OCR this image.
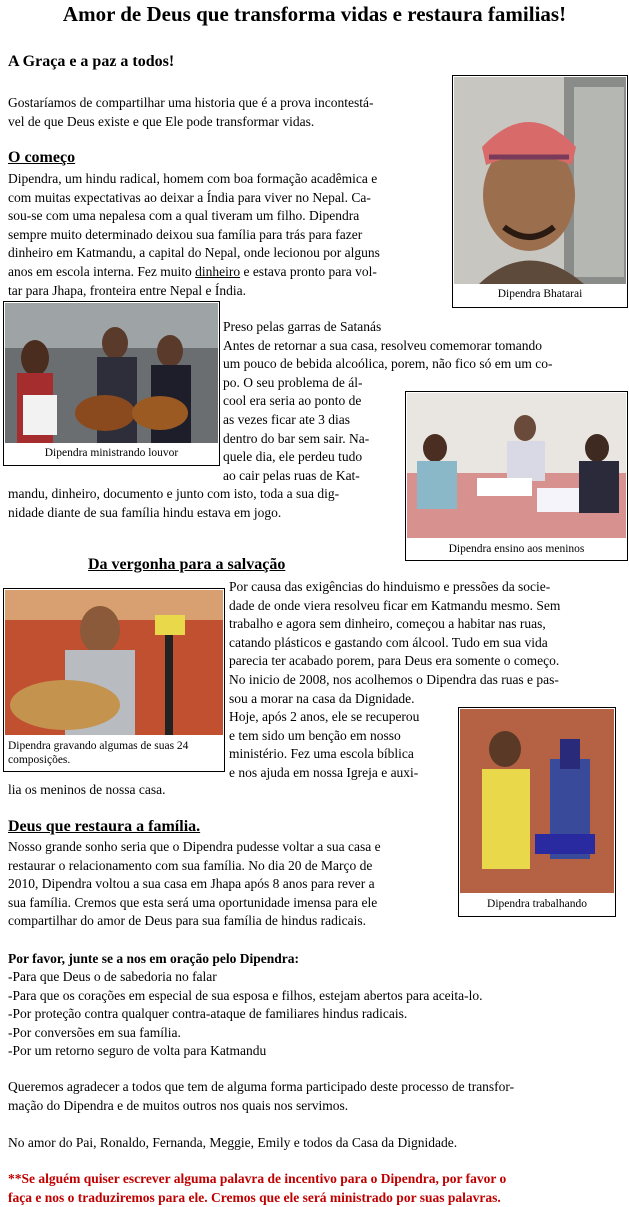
Amor de Deus que transforma vidas e restaura familias!
A Graça e a paz a todos!
Gostaríamos de compartilhar uma historia que é a prova incontestá-
vel de que Deus existe e que Ele pode transformar vidas.
Dipendra Bhatarai
O começo
Dipendra, um hindu radical, homem com boa formação acadêmica e
com muitas expectativas ao deixar a Índia para viver no Nepal. Ca-
sou-se com uma nepalesa com a qual tiveram um filho. Dipendra
sempre muito determinado deixou sua família para trás para fazer
dinheiro em Katmandu, a capital do Nepal, onde lecionou por alguns
anos em escola interna. Fez muito dinheiro e estava pronto para vol-
tar para Jhapa, fronteira entre Nepal e Índia.
Dipendra ministrando louvor
Preso pelas garras de Satanás
Antes de retornar a sua casa, resolveu comemorar tomando
um pouco de bebida alcoólica, porem, não fico só em um co-
po. O seu problema de ál-
cool era seria ao ponto de
as vezes ficar ate 3 dias
dentro do bar sem sair. Na-
quele dia, ele perdeu tudo
ao cair pelas ruas de Kat-
mandu, dinheiro, documento e junto com isto, toda a sua dig-
nidade diante de sua família hindu estava em jogo.
Dipendra ensino aos meninos
Da vergonha para a salvação
Dipendra gravando algumas de suas 24 composições.
Por causa das exigências do hinduismo e pressões da socie-
dade de onde viera resolveu ficar em Katmandu mesmo. Sem
trabalho e agora sem dinheiro, começou a habitar nas ruas,
catando plásticos e gastando com álcool. Tudo em sua vida
parecia ter acabado porem, para Deus era somente o começo.
No inicio de 2008, nos acolhemos o Dipendra das ruas e pas-
sou a morar na casa da Dignidade.
Hoje, após 2 anos, ele se recuperou
e tem sido um benção em nosso
ministério. Fez uma escola bíblica
e nos ajuda em nossa Igreja e auxi-
lia os meninos de nossa casa.
Dipendra trabalhando
Deus que restaura a família.
Nosso grande sonho seria que o Dipendra pudesse voltar a sua casa e
restaurar o relacionamento com sua família. No dia 20 de Março de
2010, Dipendra voltou a sua casa em Jhapa após 8 anos para rever a
sua família. Cremos que esta será uma oportunidade imensa para ele
compartilhar do amor de Deus para sua família de hindus radicais.
Por favor, junte se a nos em oração pelo Dipendra:
-Para que Deus o de sabedoria no falar
-Para que os corações em especial de sua esposa e filhos, estejam abertos para aceita-lo.
-Por proteção contra qualquer contra-ataque de familiares hindus radicais.
-Por conversões em sua família.
-Por um retorno seguro de volta para Katmandu
Queremos agradecer a todos que tem de alguma forma participado deste processo de transfor-
mação do Dipendra e de muitos outros nos quais nos servimos.
No amor do Pai, Ronaldo, Fernanda, Meggie, Emily e todos da Casa da Dignidade.
**Se alguém quiser escrever alguma palavra de incentivo para o Dipendra, por favor o
faça e nos o traduziremos para ele. Cremos que ele será ministrado por suas palavras.
